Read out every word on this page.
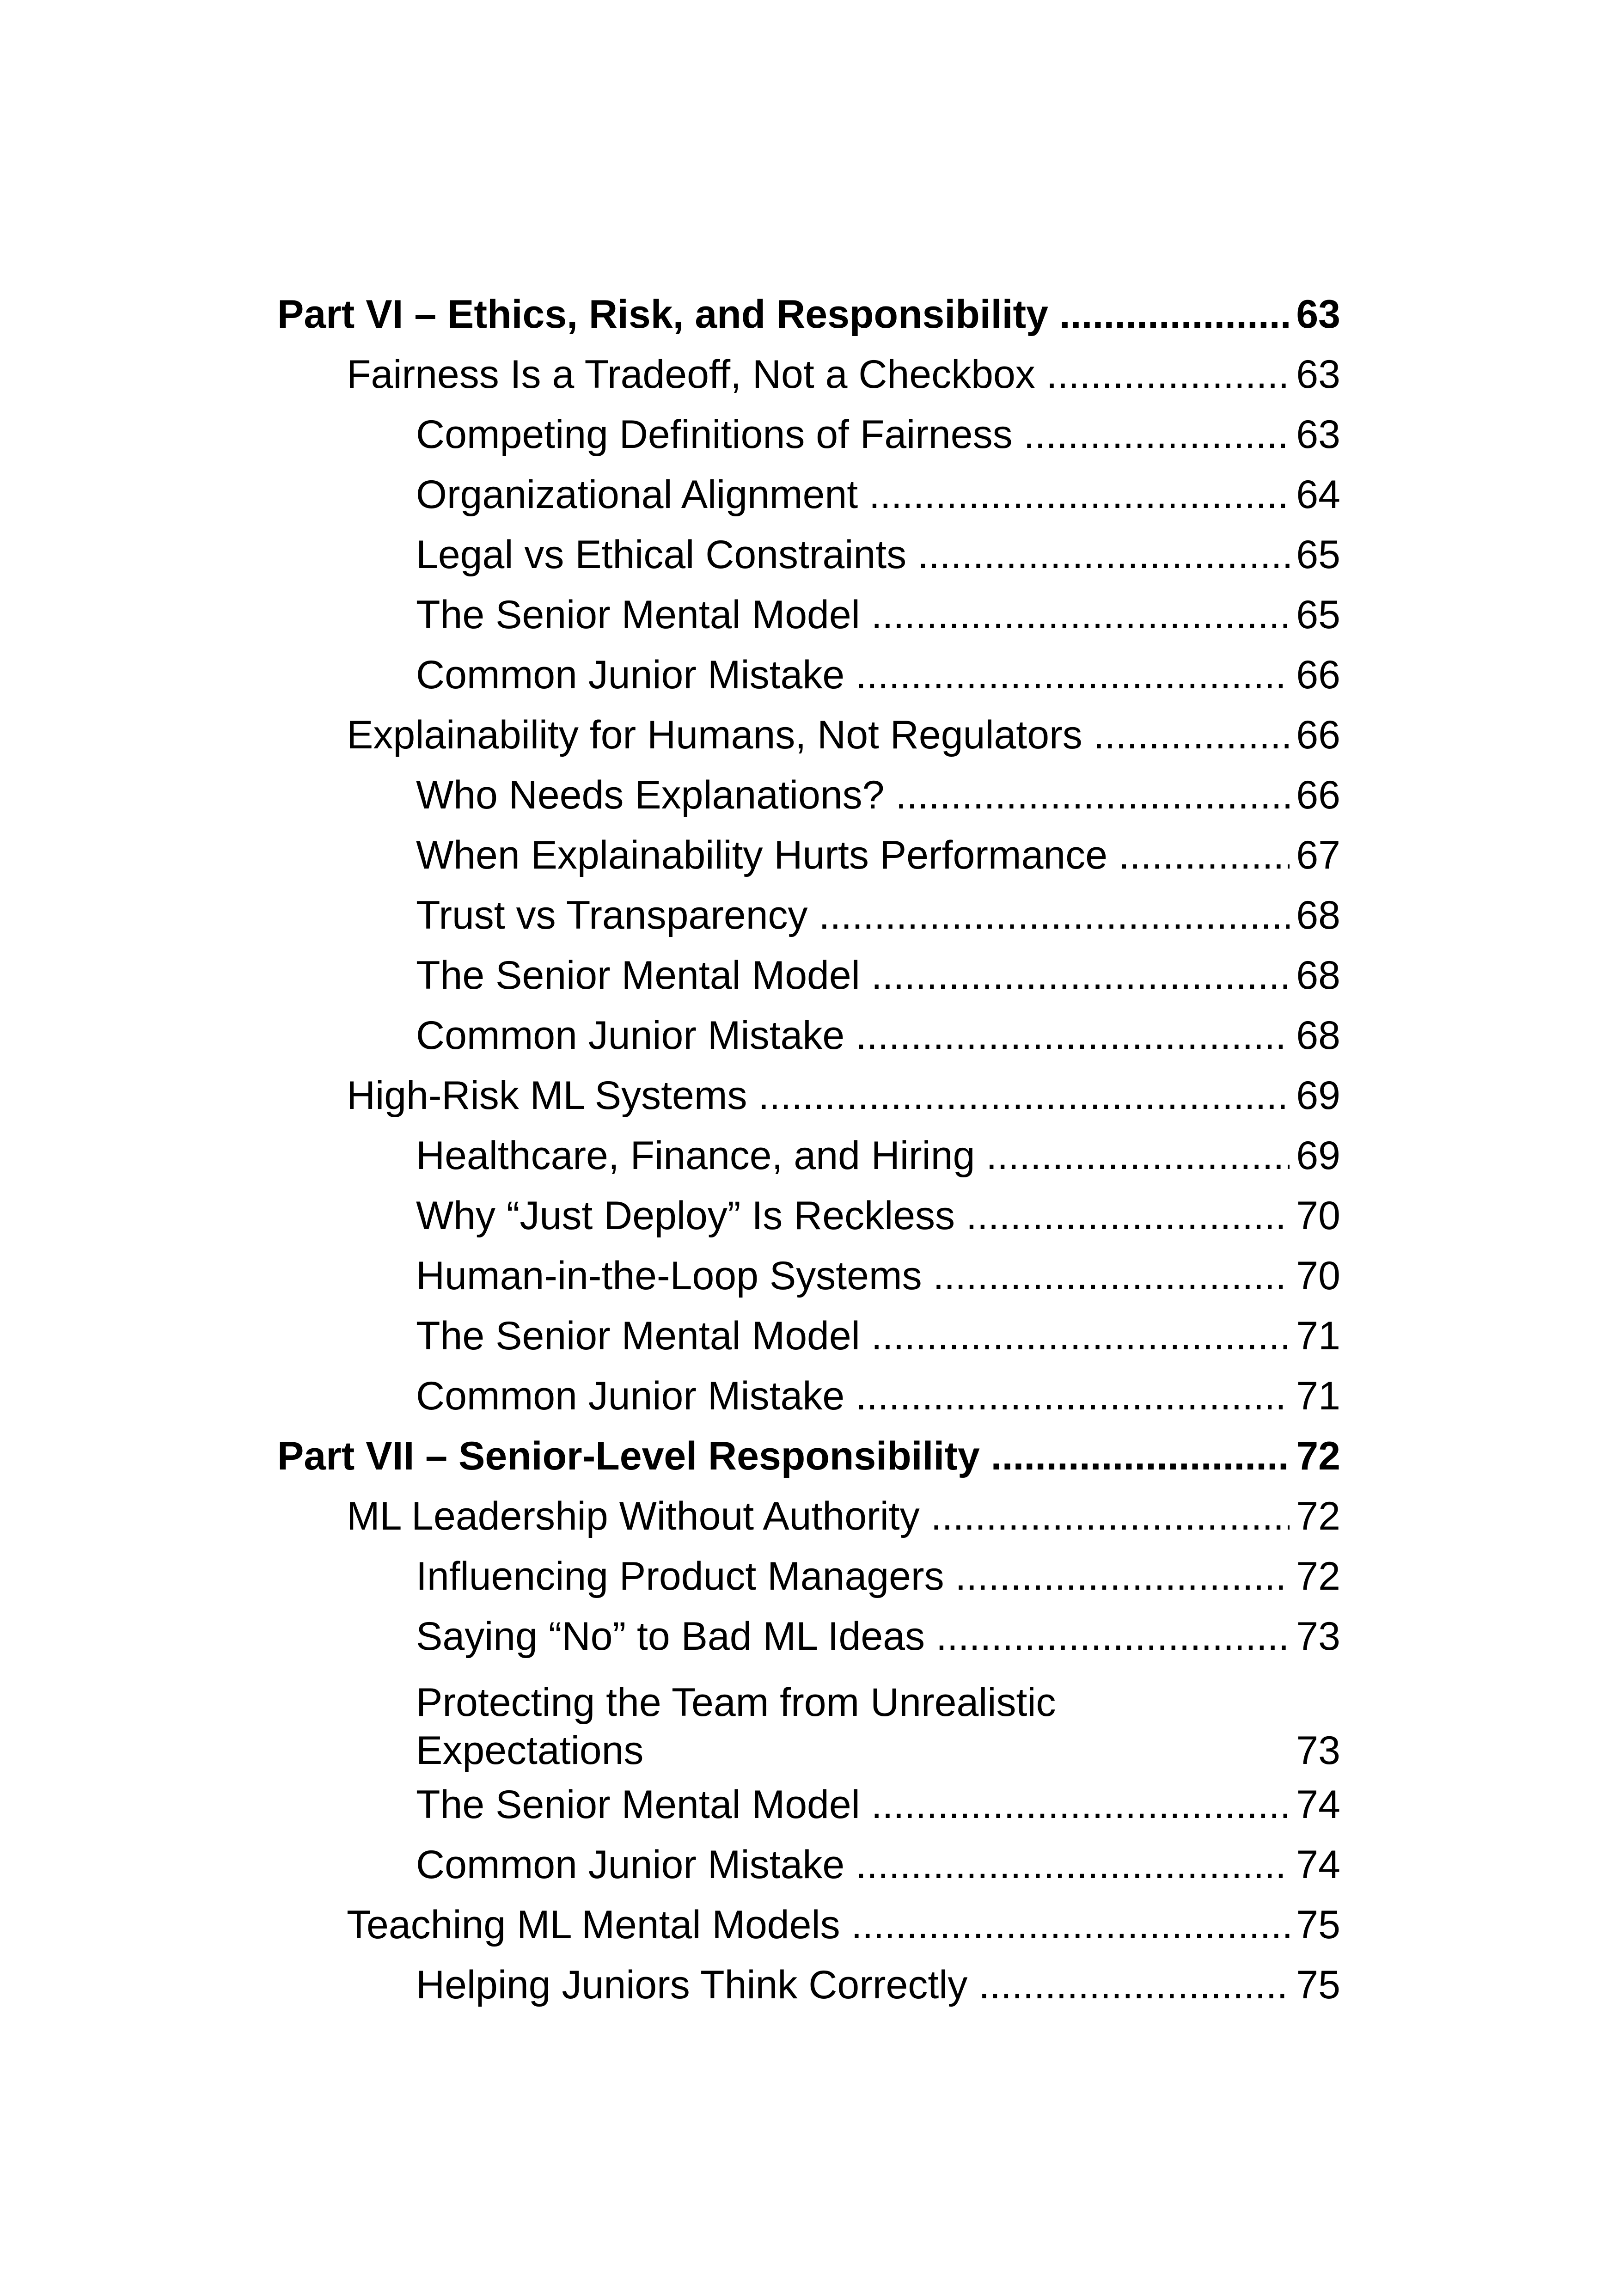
Part VI – Ethics, Risk, and Responsibility .....	63
Fairness Is a Tradeoff, Not a Checkbox .....	63
Competing Definitions of Fairness .....	63
Organizational Alignment .....	64
Legal vs Ethical Constraints .....	65
The Senior Mental Model .....	65
Common Junior Mistake .....	66
Explainability for Humans, Not Regulators .....	66
Who Needs Explanations? .....	66
When Explainability Hurts Performance .....	67
Trust vs Transparency .....	68
The Senior Mental Model .....	68
Common Junior Mistake .....	68
High-Risk ML Systems .....	69
Healthcare, Finance, and Hiring .....	69
Why “Just Deploy” Is Reckless .....	70
Human-in-the-Loop Systems .....	70
The Senior Mental Model .....	71
Common Junior Mistake .....	71
Part VII – Senior-Level Responsibility .....	72
ML Leadership Without Authority .....	72
Influencing Product Managers .....	72
Saying “No” to Bad ML Ideas .....	73
Protecting the Team from Unrealistic
Expectations .....	73
The Senior Mental Model .....	74
Common Junior Mistake .....	74
Teaching ML Mental Models .....	75
Helping Juniors Think Correctly .....	75
